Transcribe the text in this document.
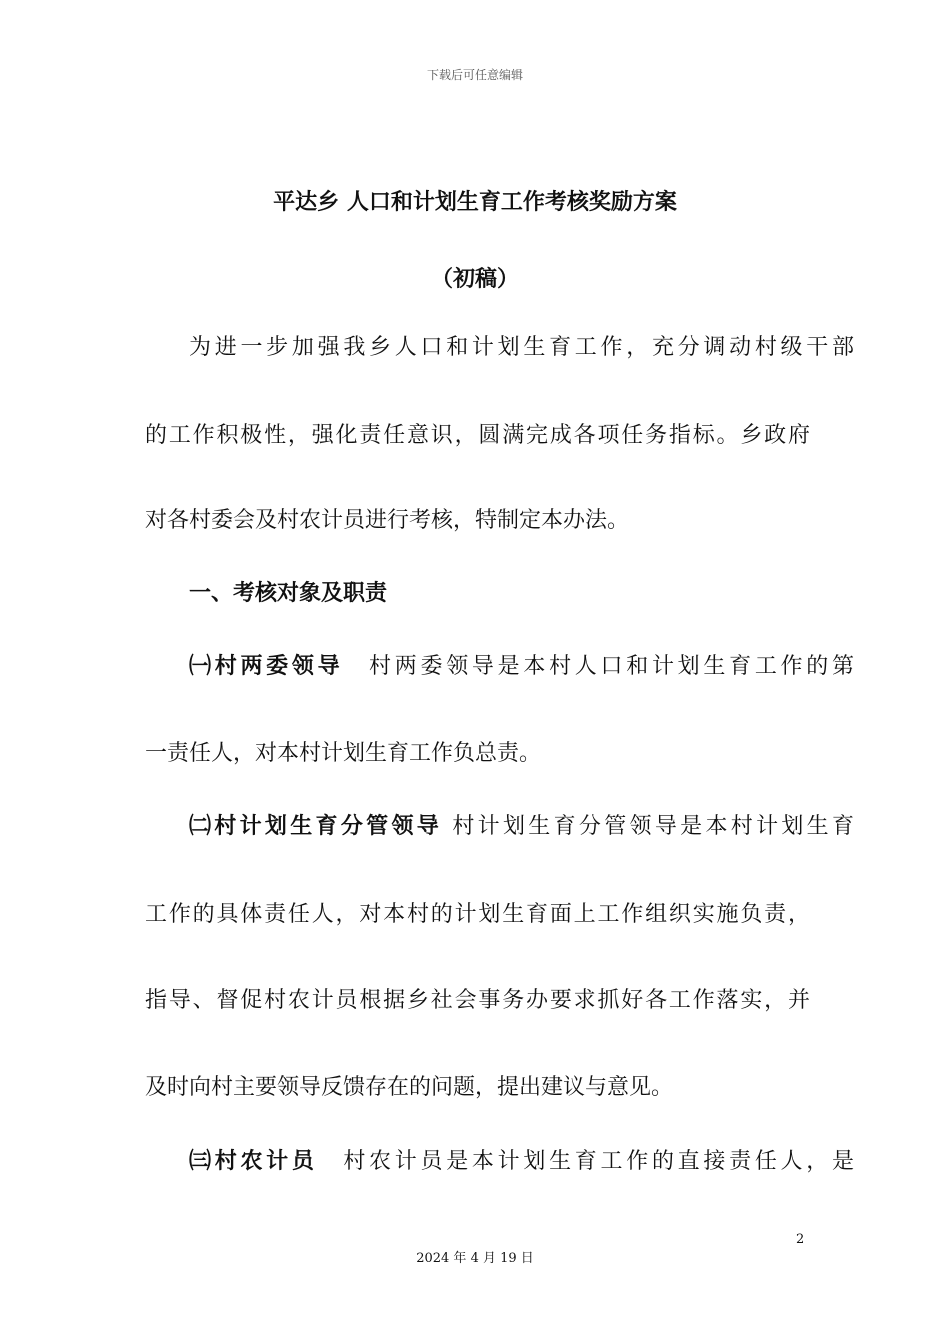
下载后可任意编辑
平达乡 人口和计划生育工作考核奖励方案
（初稿）
为进一步加强我乡人口和计划生育工作，充分调动村级干部
的工作积极性，强化责任意识，圆满完成各项任务指标。乡政府
对各村委会及村农计员进行考核，特制定本办法。
一、考核对象及职责
㈠村两委领导　村两委领导是本村人口和计划生育工作的第
一责任人，对本村计划生育工作负总责。
㈡村计划生育分管领导 村计划生育分管领导是本村计划生育
工作的具体责任人，对本村的计划生育面上工作组织实施负责，
指导、督促村农计员根据乡社会事务办要求抓好各工作落实，并
及时向村主要领导反馈存在的问题，提出建议与意见。
㈢村农计员　村农计员是本计划生育工作的直接责任人，是
2
2024 年 4 月 19 日
